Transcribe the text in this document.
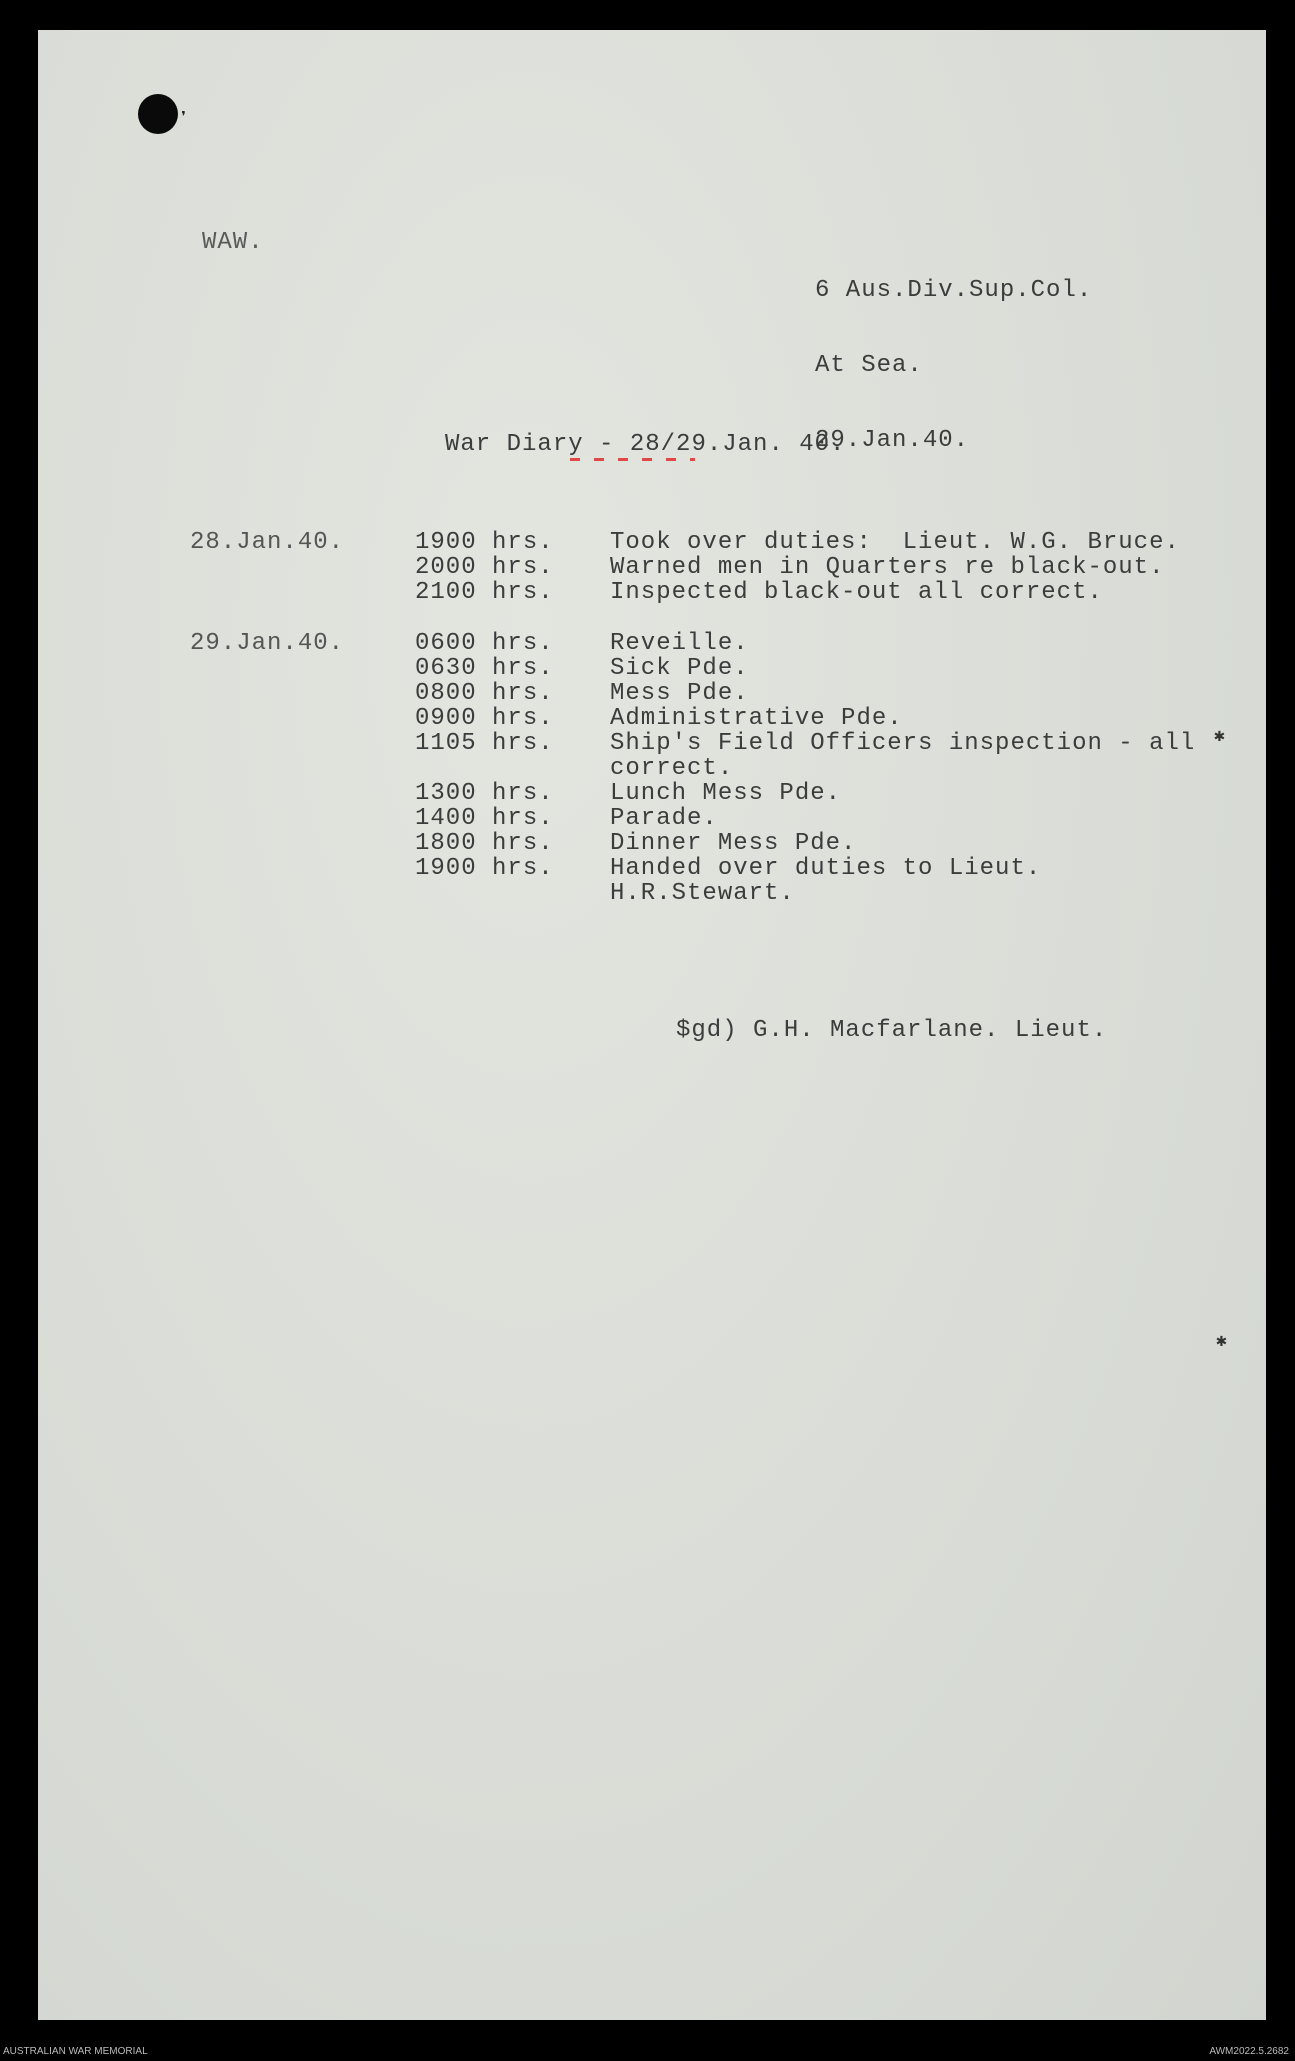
❜
✱
✱
WAW.

6 Aus.Div.Sup.Col.

At Sea.

29.Jan.40.

War Diary - 28/29.Jan. 40.
28.Jan.40.	1900 hrs.	Took over duties:  Lieut. W.G. Bruce.
2000 hrs.	Warned men in Quarters re black-out.
2100 hrs.	Inspected black-out all correct.
29.Jan.40.	0600 hrs.	Reveille.
0630 hrs.	Sick Pde.
0800 hrs.	Mess Pde.
0900 hrs.	Administrative Pde.
1105 hrs.	Ship's Field Officers inspection - all correct.
1300 hrs.	Lunch Mess Pde.
1400 hrs.	Parade.
1800 hrs.	Dinner Mess Pde.
1900 hrs.	Handed over duties to Lieut. H.R.Stewart.
$gd) G.H. Macfarlane. Lieut.
AUSTRALIAN WAR MEMORIAL	AWM2022.5.2682
